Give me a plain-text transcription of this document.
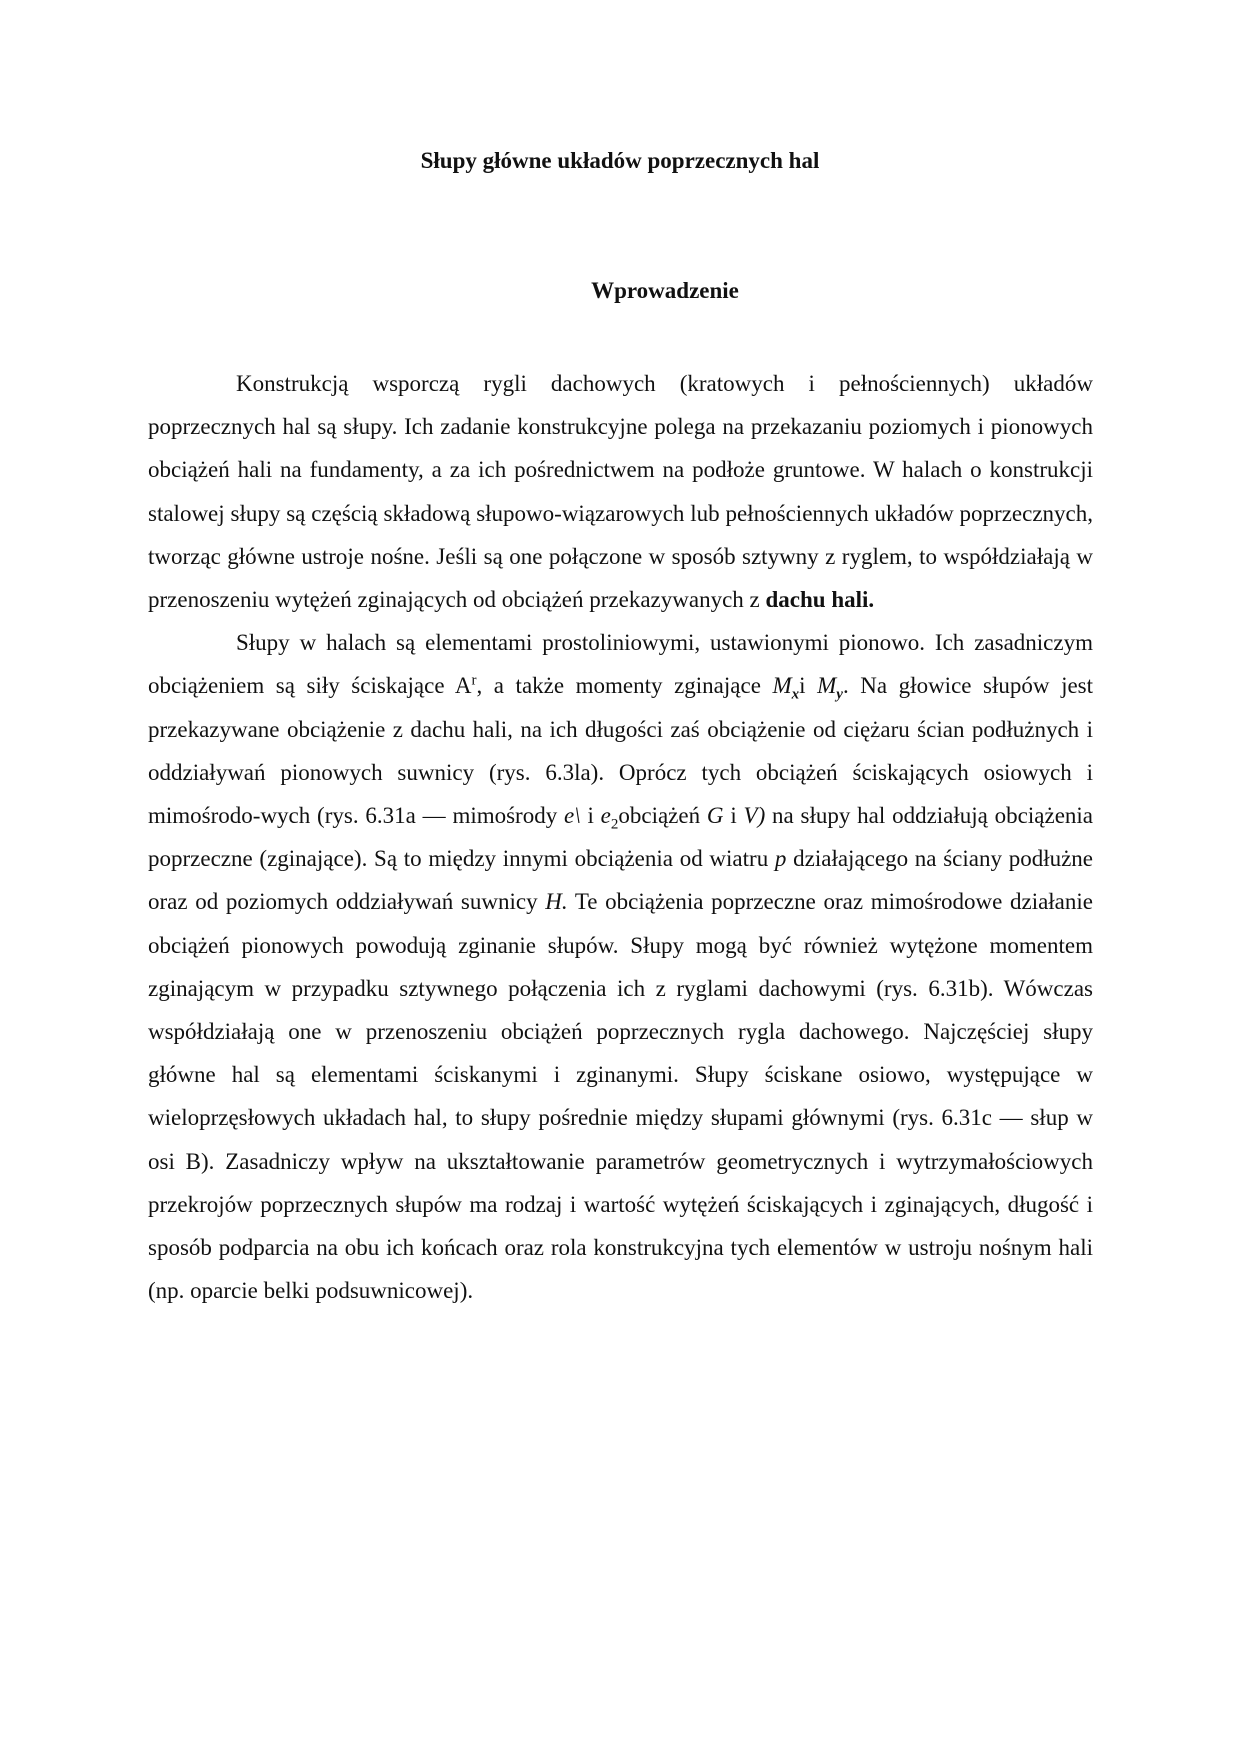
Słupy główne układów poprzecznych hal
Wprowadzenie

Konstrukcją wsporczą rygli dachowych (kratowych i pełnościennych) układów poprzecznych hal są słupy. Ich zadanie konstrukcyjne polega na przekazaniu poziomych i pionowych obciążeń hali na fundamenty, a za ich pośrednictwem na podłoże gruntowe. W halach o konstrukcji stalowej słupy są częścią składową słupowo-wiązarowych lub pełnościennych układów poprzecznych, tworząc główne ustroje nośne. Jeśli są one połączone w sposób sztywny z ryglem, to współdziałają w przenoszeniu wytężeń zginających od obciążeń przekazywanych z dachu hali.

Słupy w halach są elementami prostoliniowymi, ustawionymi pionowo. Ich zasadniczym obciążeniem są siły ściskające $A^r$, a także momenty zginające $M_xi$ $M_y$. Na głowice słupów jest przekazywane obciążenie z dachu hali, na ich długości zaś obciążenie od ciężaru ścian podłużnych i oddziaływań pionowych suwnicy (rys. 6.3la). Oprócz tych obciążeń ściskających osiowych i mimośrodo-wych (rys. 6.31a — mimośrody e\ i $e_2obciążeń$ G i V) na słupy hal oddziałują obciążenia poprzeczne (zginające). Są to między innymi obciążenia od wiatru p działającego na ściany podłużne oraz od poziomych oddziaływań suwnicy H. Te obciążenia poprzeczne oraz mimośrodowe działanie obciążeń pionowych powodują zginanie słupów. Słupy mogą być również wytężone momentem zginającym w przypadku sztywnego połączenia ich z ryglami dachowymi (rys. 6.31b). Wówczas współdziałają one w przenoszeniu obciążeń poprzecznych rygla dachowego. Najczęściej słupy główne hal są elementami ściskanymi i zginanymi. Słupy ściskane osiowo, występujące w wieloprzęsłowych układach hal, to słupy pośrednie między słupami głównymi (rys. 6.31c — słup w osi B). Zasadniczy wpływ na ukształtowanie parametrów geometrycznych i wytrzymałościowych przekrojów poprzecznych słupów ma rodzaj i wartość wytężeń ściskających i zginających, długość i sposób podparcia na obu ich końcach oraz rola konstrukcyjna tych elementów w ustroju nośnym hali (np. oparcie belki podsuwnicowej).
